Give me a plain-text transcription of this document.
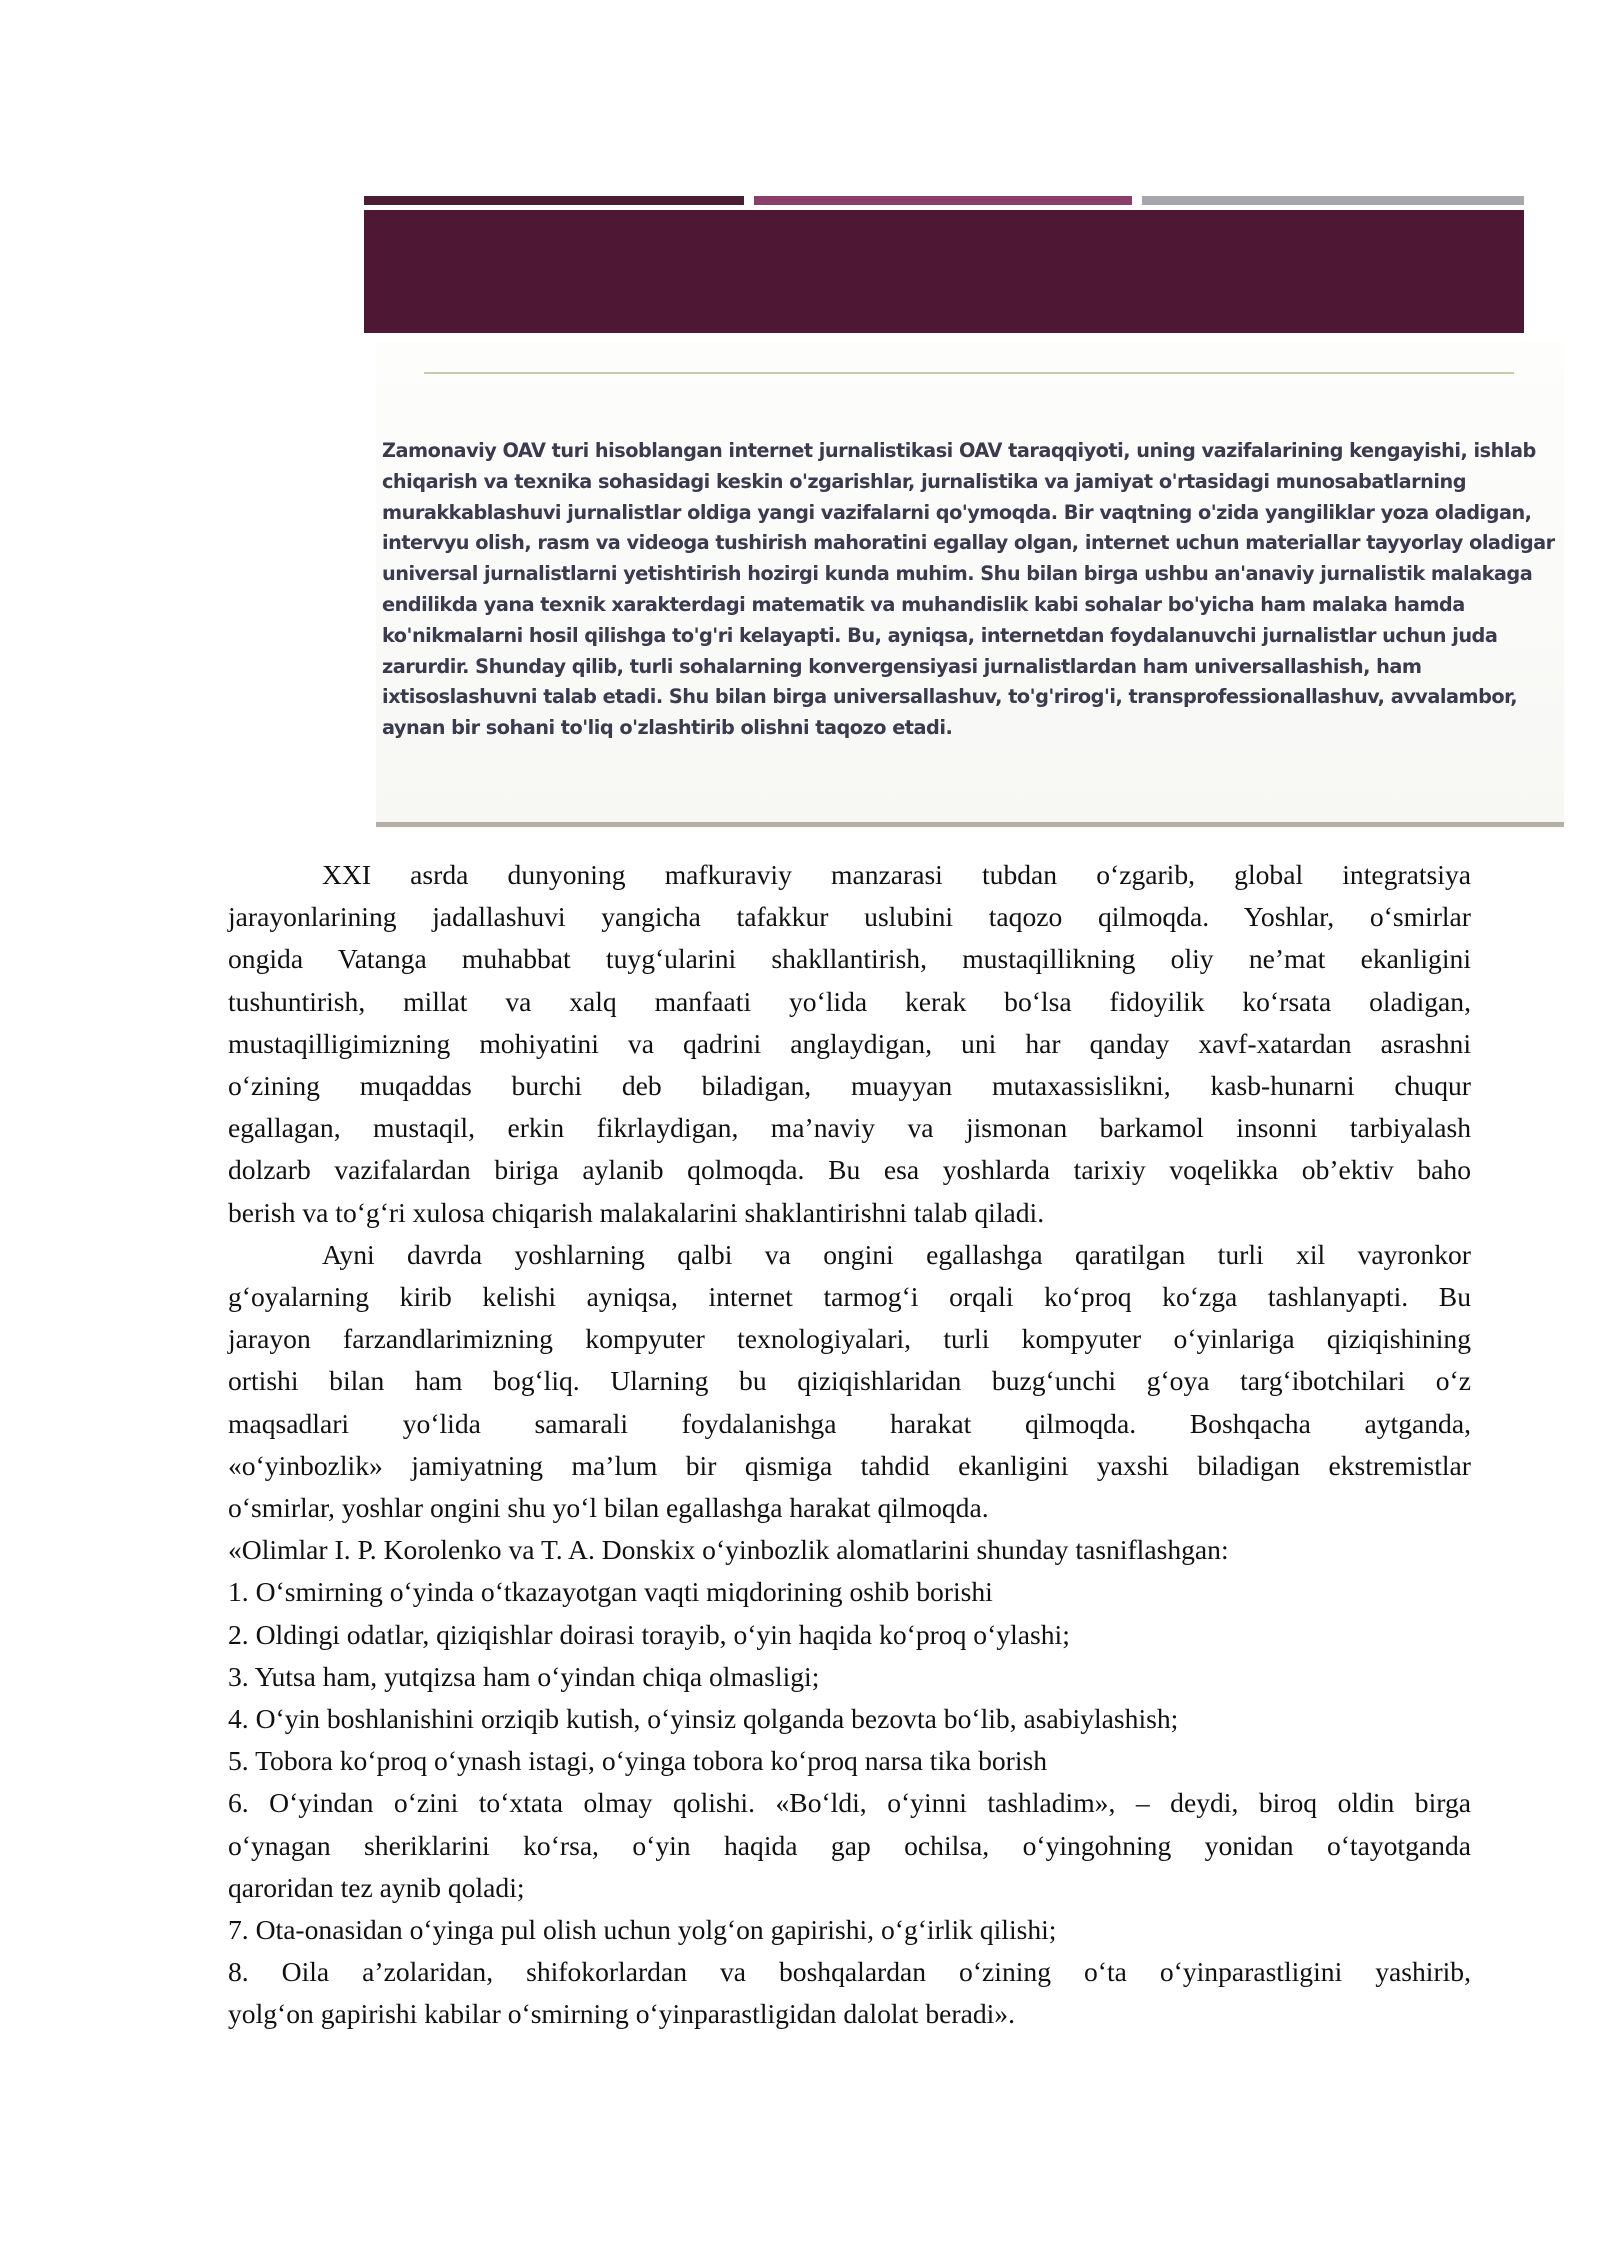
Zamonaviy OAV turi hisoblangan internet jurnalistikasi OAV taraqqiyoti, uning vazifalarining kengayishi, ishlab
chiqarish va texnika sohasidagi keskin o'zgarishlar, jurnalistika va jamiyat o'rtasidagi munosabatlarning
murakkablashuvi jurnalistlar oldiga yangi vazifalarni qo'ymoqda. Bir vaqtning o'zida yangiliklar yoza oladigan,
intervyu olish, rasm va videoga tushirish mahoratini egallay olgan, internet uchun materiallar tayyorlay oladigar
universal jurnalistlarni yetishtirish hozirgi kunda muhim. Shu bilan birga ushbu an'anaviy jurnalistik malakaga
endilikda yana texnik xarakterdagi matematik va muhandislik kabi sohalar bo'yicha ham malaka hamda
ko'nikmalarni hosil qilishga to'g'ri kelayapti. Bu, ayniqsa, internetdan foydalanuvchi jurnalistlar uchun juda
zarurdir. Shunday qilib, turli sohalarning konvergensiyasi jurnalistlardan ham universallashish, ham
ixtisoslashuvni talab etadi. Shu bilan birga universallashuv, to'g'rirog'i, transprofessionallashuv, avvalambor,
aynan bir sohani to'liq o'zlashtirib olishni taqozo etadi.

XXI asrda dunyoning mafkuraviy manzarasi tubdan o‘zgarib, global integratsiya

jarayonlarining jadallashuvi yangicha tafakkur uslubini taqozo qilmoqda. Yoshlar, o‘smirlar

ongida Vatanga muhabbat tuyg‘ularini shakllantirish, mustaqillikning oliy ne’mat ekanligini

tushuntirish, millat va xalq manfaati yo‘lida kerak bo‘lsa fidoyilik ko‘rsata oladigan,

mustaqilligimizning mohiyatini va qadrini anglaydigan, uni har qanday xavf-xatardan asrashni

o‘zining muqaddas burchi deb biladigan, muayyan mutaxassislikni, kasb-hunarni chuqur

egallagan, mustaqil, erkin fikrlaydigan, ma’naviy va jismonan barkamol insonni tarbiyalash

dolzarb vazifalardan biriga aylanib qolmoqda. Bu esa yoshlarda tarixiy voqelikka ob’ektiv baho

berish va to‘g‘ri xulosa chiqarish malakalarini shaklantirishni talab qiladi.

Ayni davrda yoshlarning qalbi va ongini egallashga qaratilgan turli xil vayronkor

g‘oyalarning kirib kelishi ayniqsa, internet tarmog‘i orqali ko‘proq ko‘zga tashlanyapti. Bu

jarayon farzandlarimizning kompyuter texnologiyalari, turli kompyuter o‘yinlariga qiziqishining

ortishi bilan ham bog‘liq. Ularning bu qiziqishlaridan buzg‘unchi g‘oya targ‘ibotchilari o‘z

maqsadlari yo‘lida samarali foydalanishga harakat qilmoqda. Boshqacha aytganda,

«o‘yinbozlik» jamiyatning ma’lum bir qismiga tahdid ekanligini yaxshi biladigan ekstremistlar

o‘smirlar, yoshlar ongini shu yo‘l bilan egallashga harakat qilmoqda.

«Olimlar I. P. Korolenko va T. A. Donskix o‘yinbozlik alomatlarini shunday tasniflashgan:

1. O‘smirning o‘yinda o‘tkazayotgan vaqti miqdorining oshib borishi

2. Oldingi odatlar, qiziqishlar doirasi torayib, o‘yin haqida ko‘proq o‘ylashi;

3. Yutsa ham, yutqizsa ham o‘yindan chiqa olmasligi;

4. O‘yin boshlanishini orziqib kutish, o‘yinsiz qolganda bezovta bo‘lib, asabiylashish;

5. Tobora ko‘proq o‘ynash istagi, o‘yinga tobora ko‘proq narsa tika borish

6. O‘yindan o‘zini to‘xtata olmay qolishi. «Bo‘ldi, o‘yinni tashladim», – deydi, biroq oldin birga

o‘ynagan sheriklarini ko‘rsa, o‘yin haqida gap ochilsa, o‘yingohning yonidan o‘tayotganda

qaroridan tez aynib qoladi;

7. Ota-onasidan o‘yinga pul olish uchun yolg‘on gapirishi, o‘g‘irlik qilishi;

8. Oila a’zolaridan, shifokorlardan va boshqalardan o‘zining o‘ta o‘yinparastligini yashirib,

yolg‘on gapirishi kabilar o‘smirning o‘yinparastligidan dalolat beradi».
